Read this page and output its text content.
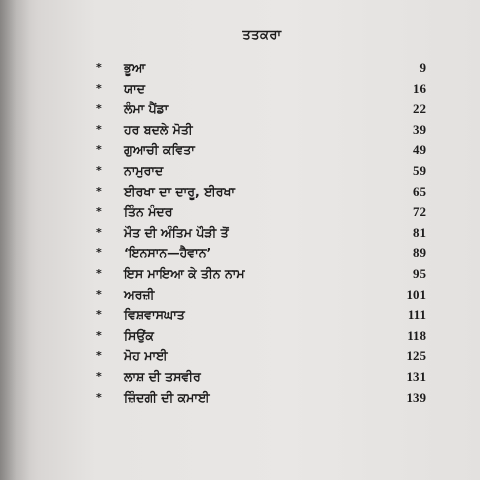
ਤਤਕਰਾ
* ਭੂਆ	9
* ਯਾਦ	16
* ਲੰਮਾ ਪੈਂਡਾ	22
* ਹਰ ਬਦਲੇ ਮੋਤੀ	39
* ਗੁਆਚੀ ਕਵਿਤਾ	49
* ਨਾਮੁਰਾਦ	59
* ਈਰਖਾ ਦਾ ਦਾਰੂ, ਈਰਖਾ	65
* ਤਿੰਨ ਮੰਦਰ	72
* ਮੌਤ ਦੀ ਅੰਤਿਮ ਪੌੜੀ ਤੋਂ	81
* ‘ਇਨਸਾਨ—ਹੈਵਾਨ’	89
* ਇਸ ਮਾਇਆ ਕੇ ਤੀਨ ਨਾਮ	95
* ਅਰਜ਼ੀ	101
* ਵਿਸ਼ਵਾਸਘਾਤ	111
* ਸਿਉਂਕ	118
* ਮੋਹ ਮਾਈ	125
* ਲਾਸ਼ ਦੀ ਤਸਵੀਰ	131
* ਜ਼ਿੰਦਗੀ ਦੀ ਕਮਾਈ	139
